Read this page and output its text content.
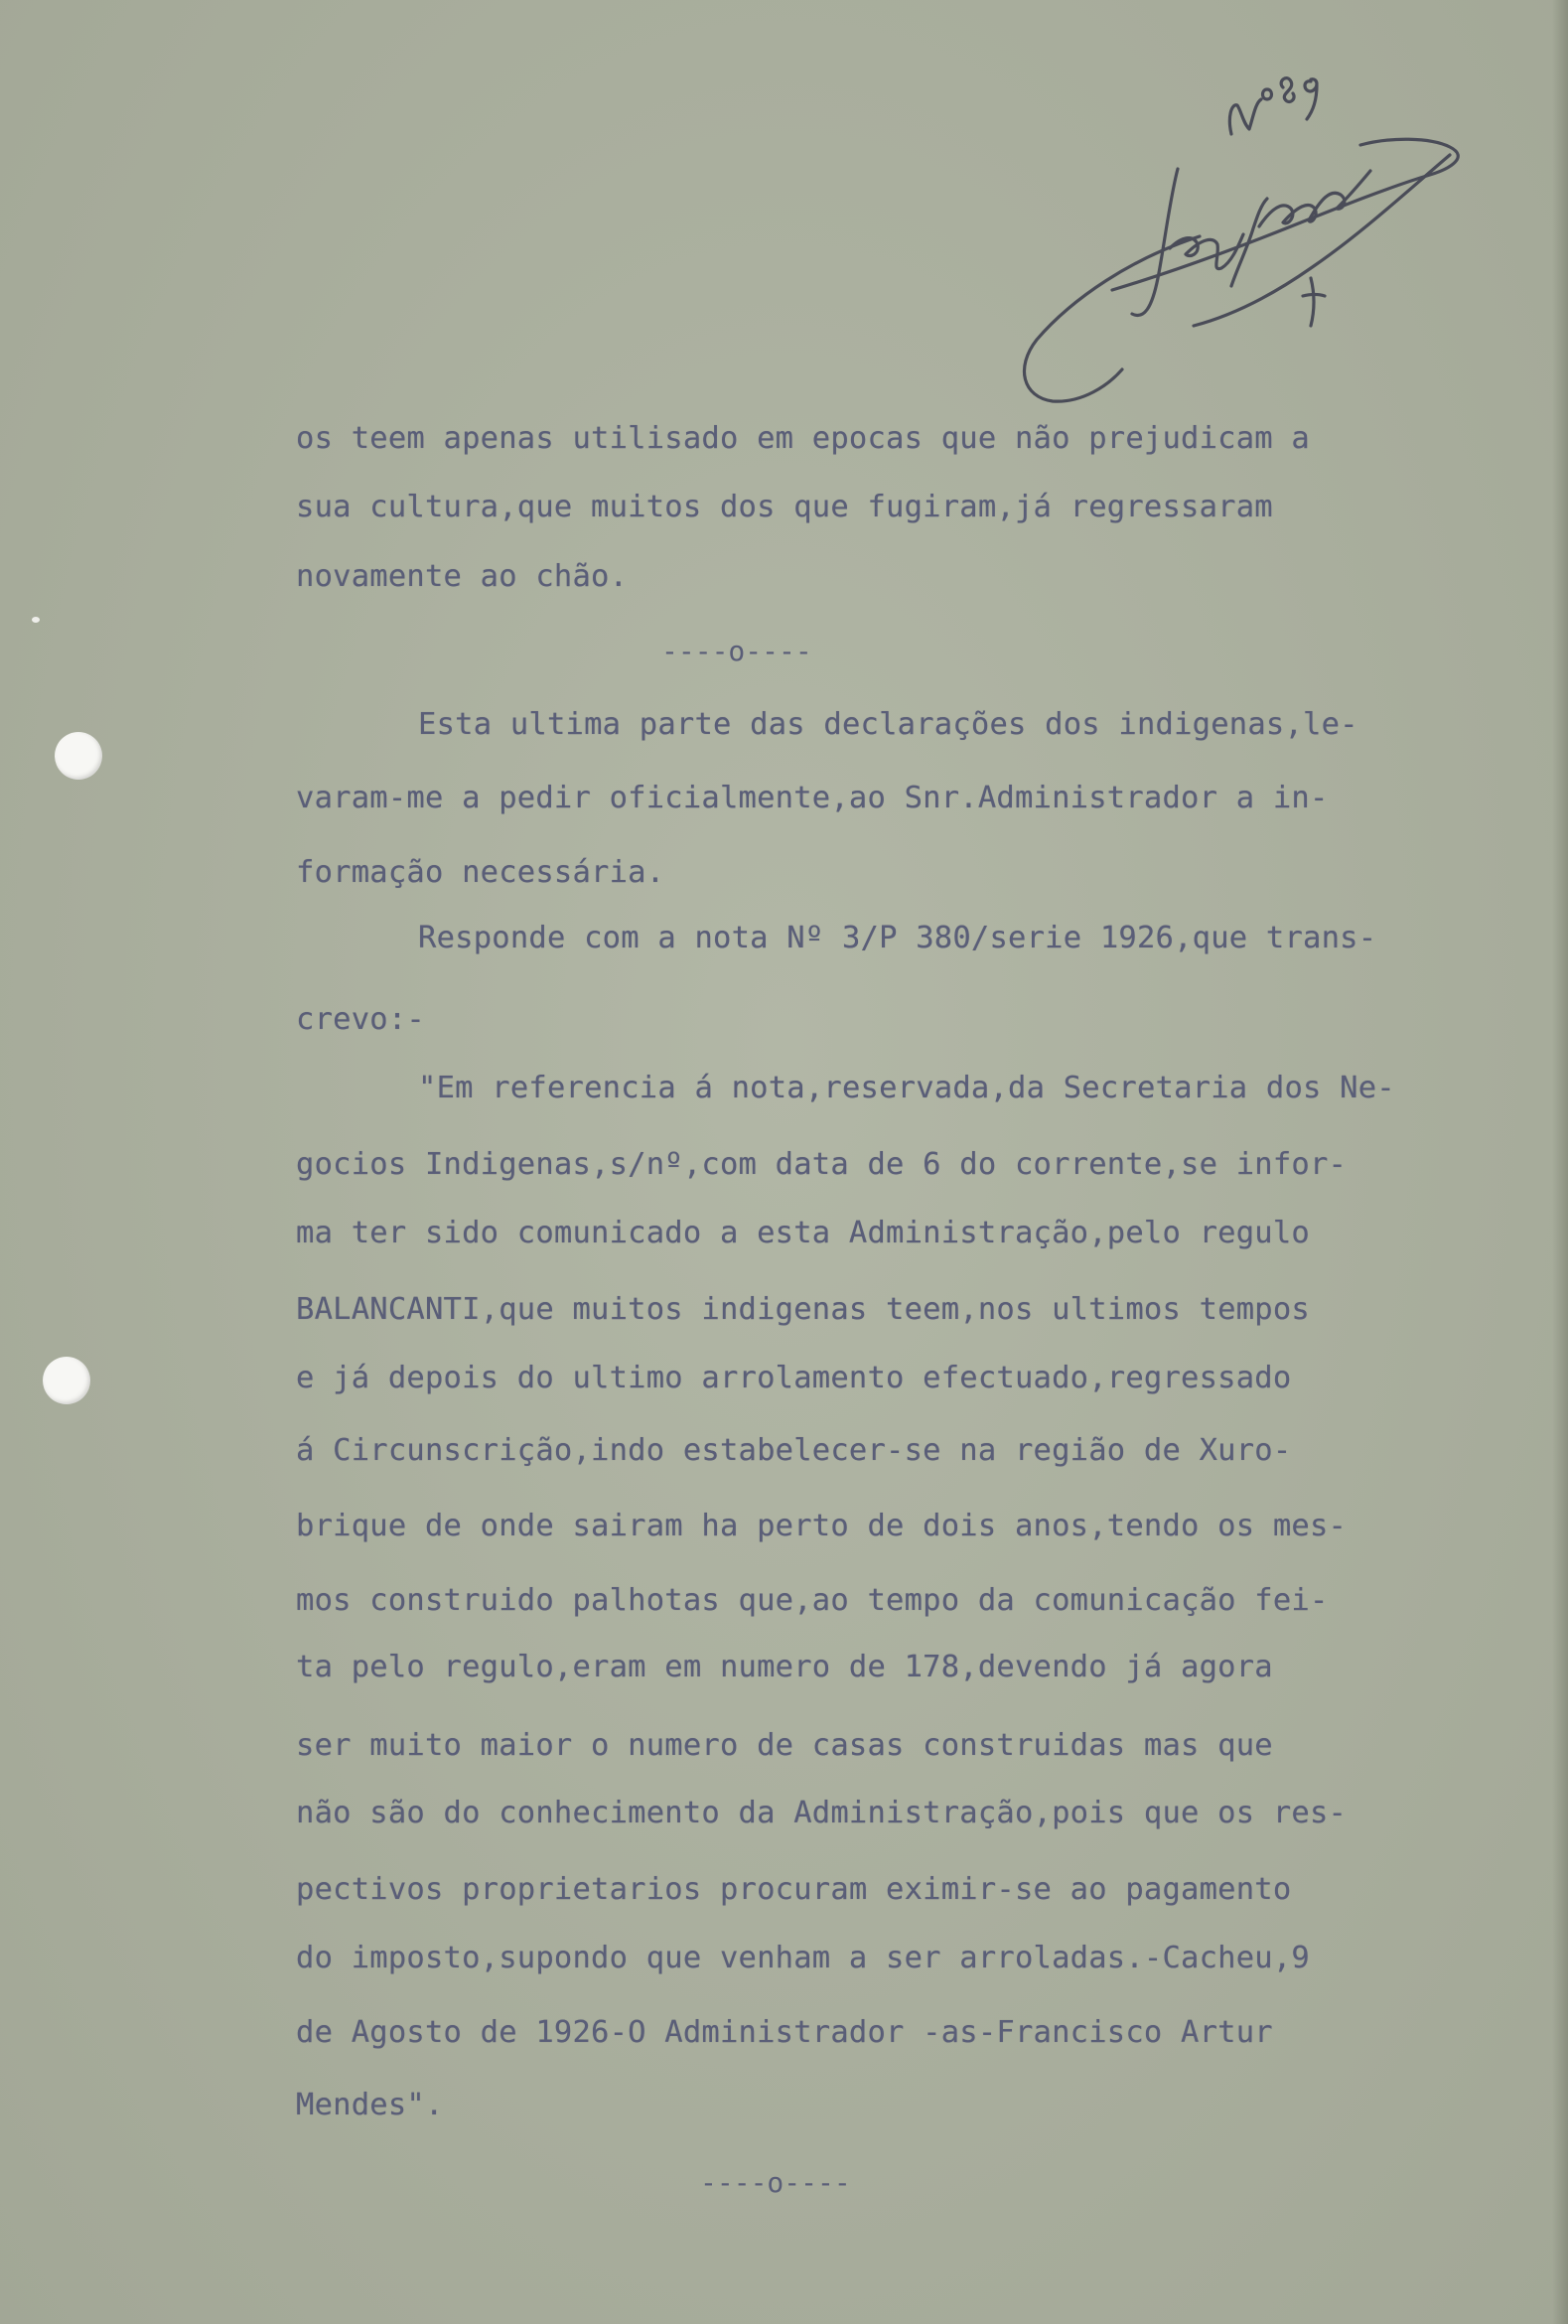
os teem apenas utilisado em epocas que não prejudicam a
sua cultura,que muitos dos que fugiram,já regressaram
novamente ao chão.
----o----
Esta ultima parte das declarações dos indigenas,le-
varam-me a pedir oficialmente,ao Snr.Administrador a in-
formação necessária.
Responde com a nota Nº 3/P 380/serie 1926,que trans-
crevo:-
"Em referencia á nota,reservada,da Secretaria dos Ne-
gocios Indigenas,s/nº,com data de 6 do corrente,se infor-
ma ter sido comunicado a esta Administração,pelo regulo
BALANCANTI,que muitos indigenas teem,nos ultimos tempos
e já depois do ultimo arrolamento efectuado,regressado
á Circunscrição,indo estabelecer-se na região de Xuro-
brique de onde sairam ha perto de dois anos,tendo os mes-
mos construido palhotas que,ao tempo da comunicação fei-
ta pelo regulo,eram em numero de 178,devendo já agora
ser muito maior o numero de casas construidas mas que
não são do conhecimento da Administração,pois que os res-
pectivos proprietarios procuram eximir-se ao pagamento
do imposto,supondo que venham a ser arroladas.-Cacheu,9
de Agosto de 1926-O Administrador -as-Francisco Artur
Mendes".
----o----
